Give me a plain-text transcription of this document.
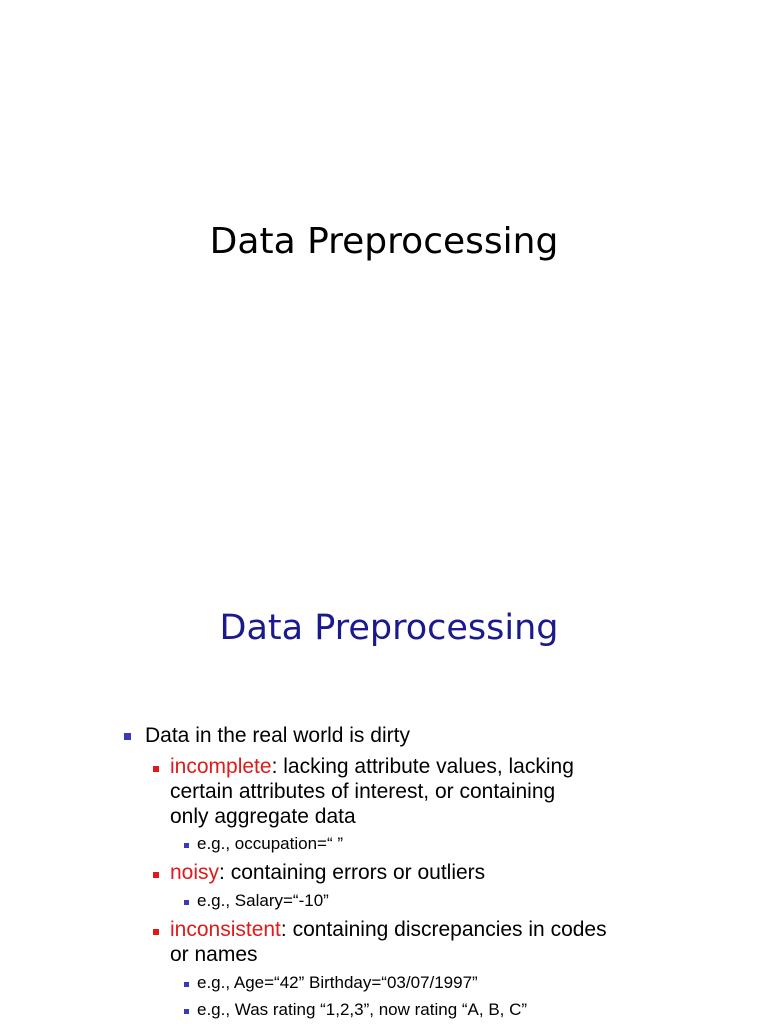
Data Preprocessing
Data Preprocessing
Data in the real world is dirty
incomplete: lacking attribute values, lacking
certain attributes of interest, or containing
only aggregate data
e.g., occupation=“ ”
noisy: containing errors or outliers
e.g., Salary=“-10”
inconsistent: containing discrepancies in codes
or names
e.g., Age=“42” Birthday=“03/07/1997”
e.g., Was rating “1,2,3”, now rating “A, B, C”
